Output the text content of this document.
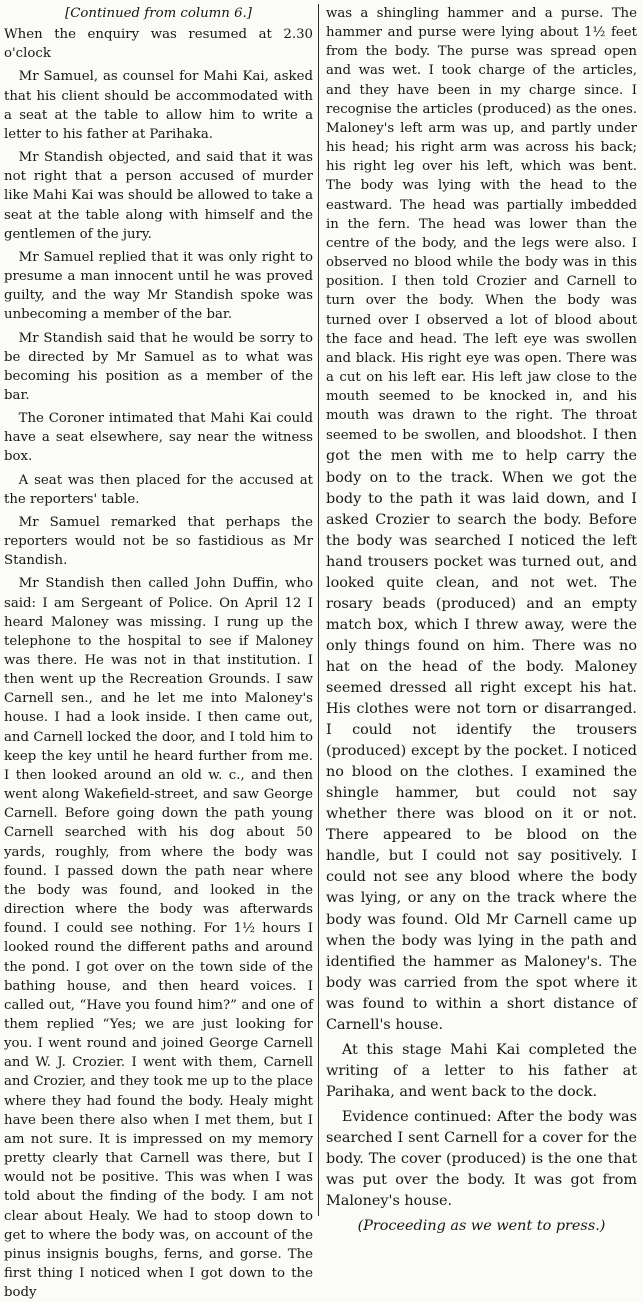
[Continued from column 6.]

When the enquiry was resumed at 2.30 o'clock

Mr Samuel, as counsel for Mahi Kai, asked that his client should be accommodated with a seat at the table to allow him to write a letter to his father at Parihaka.

Mr Standish objected, and said that it was not right that a person accused of murder like Mahi Kai was should be allowed to take a seat at the table along with himself and the gentlemen of the jury.

Mr Samuel replied that it was only right to presume a man innocent until he was proved guilty, and the way Mr Standish spoke was unbecoming a member of the bar.

Mr Standish said that he would be sorry to be directed by Mr Samuel as to what was becoming his position as a member of the bar.

The Coroner intimated that Mahi Kai could have a seat elsewhere, say near the witness box.

A seat was then placed for the accused at the reporters' table.

Mr Samuel remarked that perhaps the reporters would not be so fastidious as Mr Standish.

Mr Standish then called John Duffin, who said: I am Sergeant of Police. On April 12 I heard Maloney was missing. I rung up the telephone to the hospital to see if Maloney was there. He was not in that institution. I then went up the Recreation Grounds. I saw Carnell sen., and he let me into Maloney's house. I had a look inside. I then came out, and Carnell locked the door, and I told him to keep the key until he heard further from me. I then looked around an old w. c., and then went along Wakefield-street, and saw George Carnell. Before going down the path young Carnell searched with his dog about 50 yards, roughly, from where the body was found. I passed down the path near where the body was found, and looked in the direction where the body was afterwards found. I could see nothing. For 1½ hours I looked round the different paths and around the pond. I got over on the town side of the bathing house, and then heard voices. I called out, “Have you found him?” and one of them replied “Yes; we are just looking for you. I went round and joined George Carnell and W. J. Crozier. I went with them, Carnell and Crozier, and they took me up to the place where they had found the body. Healy might have been there also when I met them, but I am not sure. It is impressed on my memory pretty clearly that Carnell was there, but I would not be positive. This was when I was told about the finding of the body. I am not clear about Healy. We had to stoop down to get to where the body was, on account of the pinus insignis boughs, ferns, and gorse. The first thing I noticed when I got down to the body

was a shingling hammer and a purse. The hammer and purse were lying about 1½ feet from the body. The purse was spread open and was wet. I took charge of the articles, and they have been in my charge since. I recognise the articles (produced) as the ones. Maloney's left arm was up, and partly under his head; his right arm was across his back; his right leg over his left, which was bent. The body was lying with the head to the eastward. The head was partially imbedded in the fern. The head was lower than the centre of the body, and the legs were also. I observed no blood while the body was in this position. I then told Crozier and Carnell to turn over the body. When the body was turned over I observed a lot of blood about the face and head. The left eye was swollen and black. His right eye was open. There was a cut on his left ear. His left jaw close to the mouth seemed to be knocked in, and his mouth was drawn to the right. The throat seemed to be swollen, and bloodshot. I then got the men with me to help carry the body on to the track. When we got the body to the path it was laid down, and I asked Crozier to search the body. Before the body was searched I noticed the left hand trousers pocket was turned out, and looked quite clean, and not wet. The rosary beads (produced) and an empty match box, which I threw away, were the only things found on him. There was no hat on the head of the body. Maloney seemed dressed all right except his hat. His clothes were not torn or disarranged. I could not identify the trousers (produced) except by the pocket. I noticed no blood on the clothes. I examined the shingle hammer, but could not say whether there was blood on it or not. There appeared to be blood on the handle, but I could not say positively. I could not see any blood where the body was lying, or any on the track where the body was found. Old Mr Carnell came up when the body was lying in the path and identified the hammer as Maloney's. The body was carried from the spot where it was found to within a short distance of Carnell's house.

At this stage Mahi Kai completed the writing of a letter to his father at Parihaka, and went back to the dock.

Evidence continued: After the body was searched I sent Carnell for a cover for the body. The cover (produced) is the one that was put over the body. It was got from Maloney's house.

(Proceeding as we went to press.)
